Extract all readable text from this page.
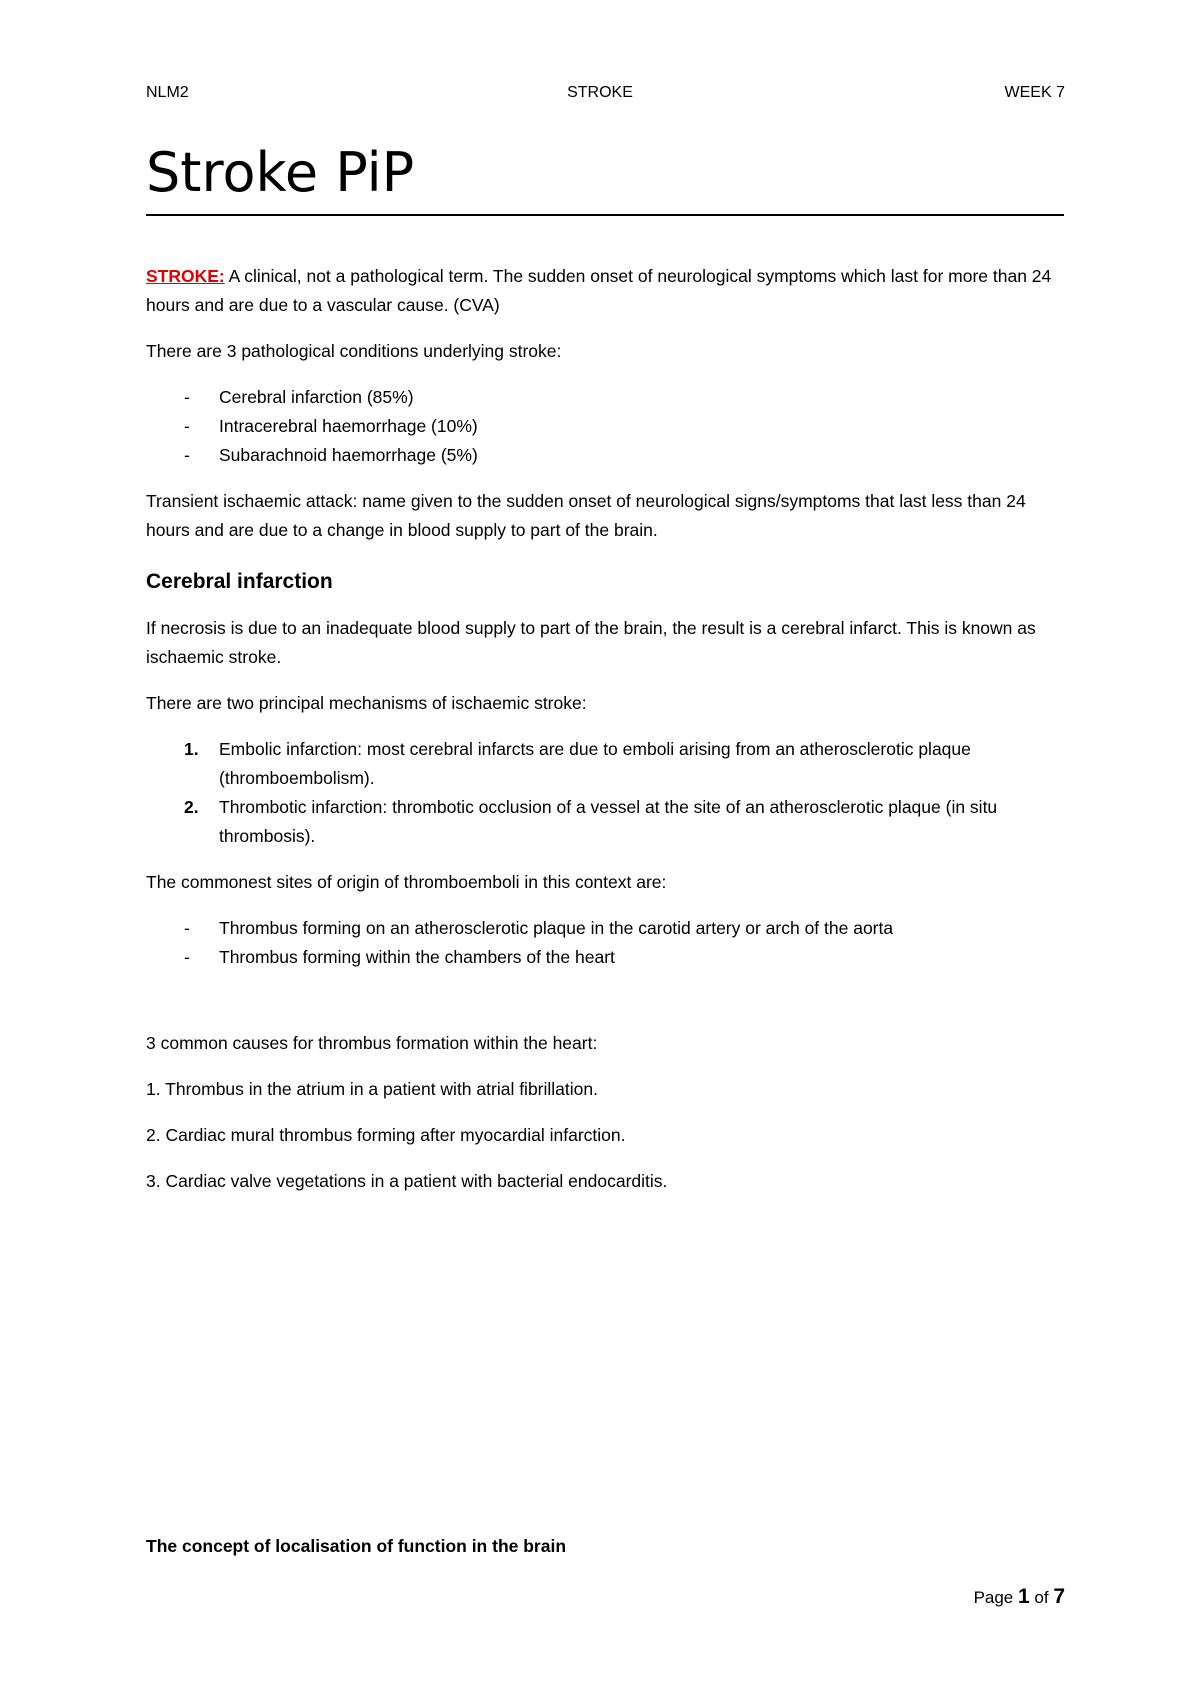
NLM2	STROKE	WEEK 7
Stroke PiP

STROKE: A clinical, not a pathological term. The sudden onset of neurological symptoms which last for more than 24 hours and are due to a vascular cause. (CVA)

There are 3 pathological conditions underlying stroke:

- Cerebral infarction (85%)
- Intracerebral haemorrhage (10%)
- Subarachnoid haemorrhage (5%)

Transient ischaemic attack: name given to the sudden onset of neurological signs/symptoms that last less than 24 hours and are due to a change in blood supply to part of the brain.

Cerebral infarction

If necrosis is due to an inadequate blood supply to part of the brain, the result is a cerebral infarct. This is known as ischaemic stroke.

There are two principal mechanisms of ischaemic stroke:

1. Embolic infarction: most cerebral infarcts are due to emboli arising from an atherosclerotic plaque (thromboembolism).
2. Thrombotic infarction: thrombotic occlusion of a vessel at the site of an atherosclerotic plaque (in situ thrombosis).

The commonest sites of origin of thromboemboli in this context are:

- Thrombus forming on an atherosclerotic plaque in the carotid artery or arch of the aorta
- Thrombus forming within the chambers of the heart

3 common causes for thrombus formation within the heart:

1. Thrombus in the atrium in a patient with atrial fibrillation.

2. Cardiac mural thrombus forming after myocardial infarction.

3. Cardiac valve vegetations in a patient with bacterial endocarditis.

The concept of localisation of function in the brain
Page 1 of 7
